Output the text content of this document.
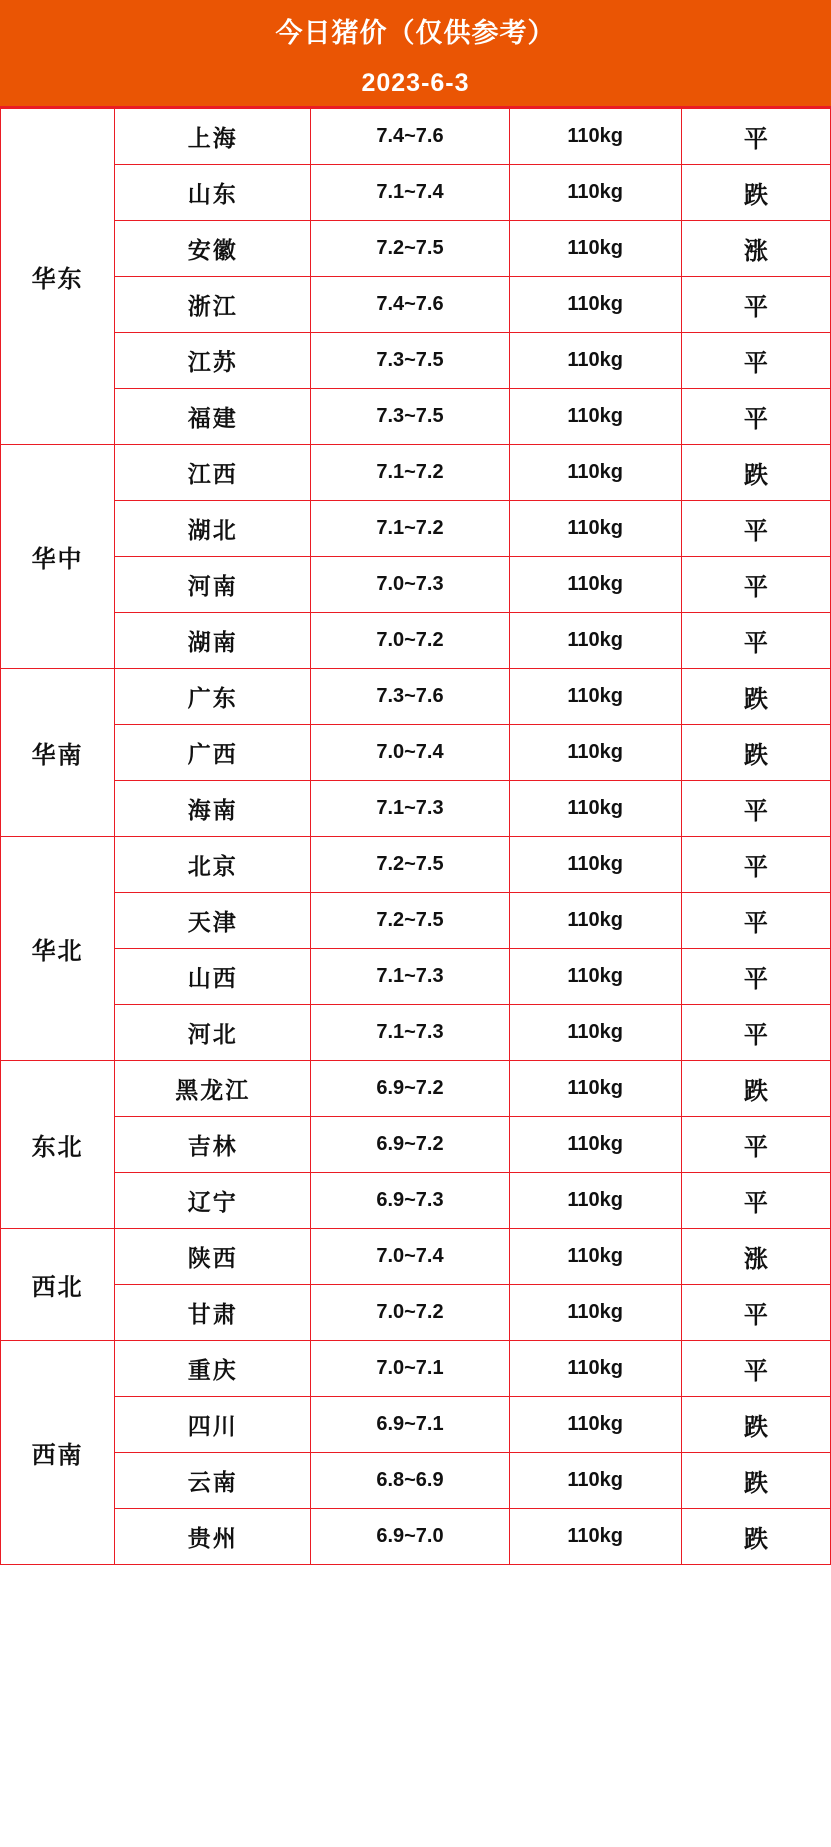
今日猪价（仅供参考）
2023-6-3
华东	上海	7.4~7.6	110kg	平
	山东	7.1~7.4	110kg	跌
	安徽	7.2~7.5	110kg	涨
	浙江	7.4~7.6	110kg	平
	江苏	7.3~7.5	110kg	平
	福建	7.3~7.5	110kg	平
华中	江西	7.1~7.2	110kg	跌
	湖北	7.1~7.2	110kg	平
	河南	7.0~7.3	110kg	平
	湖南	7.0~7.2	110kg	平
华南	广东	7.3~7.6	110kg	跌
	广西	7.0~7.4	110kg	跌
	海南	7.1~7.3	110kg	平
华北	北京	7.2~7.5	110kg	平
	天津	7.2~7.5	110kg	平
	山西	7.1~7.3	110kg	平
	河北	7.1~7.3	110kg	平
东北	黑龙江	6.9~7.2	110kg	跌
	吉林	6.9~7.2	110kg	平
	辽宁	6.9~7.3	110kg	平
西北	陕西	7.0~7.4	110kg	涨
	甘肃	7.0~7.2	110kg	平
西南	重庆	7.0~7.1	110kg	平
	四川	6.9~7.1	110kg	跌
	云南	6.8~6.9	110kg	跌
	贵州	6.9~7.0	110kg	跌
